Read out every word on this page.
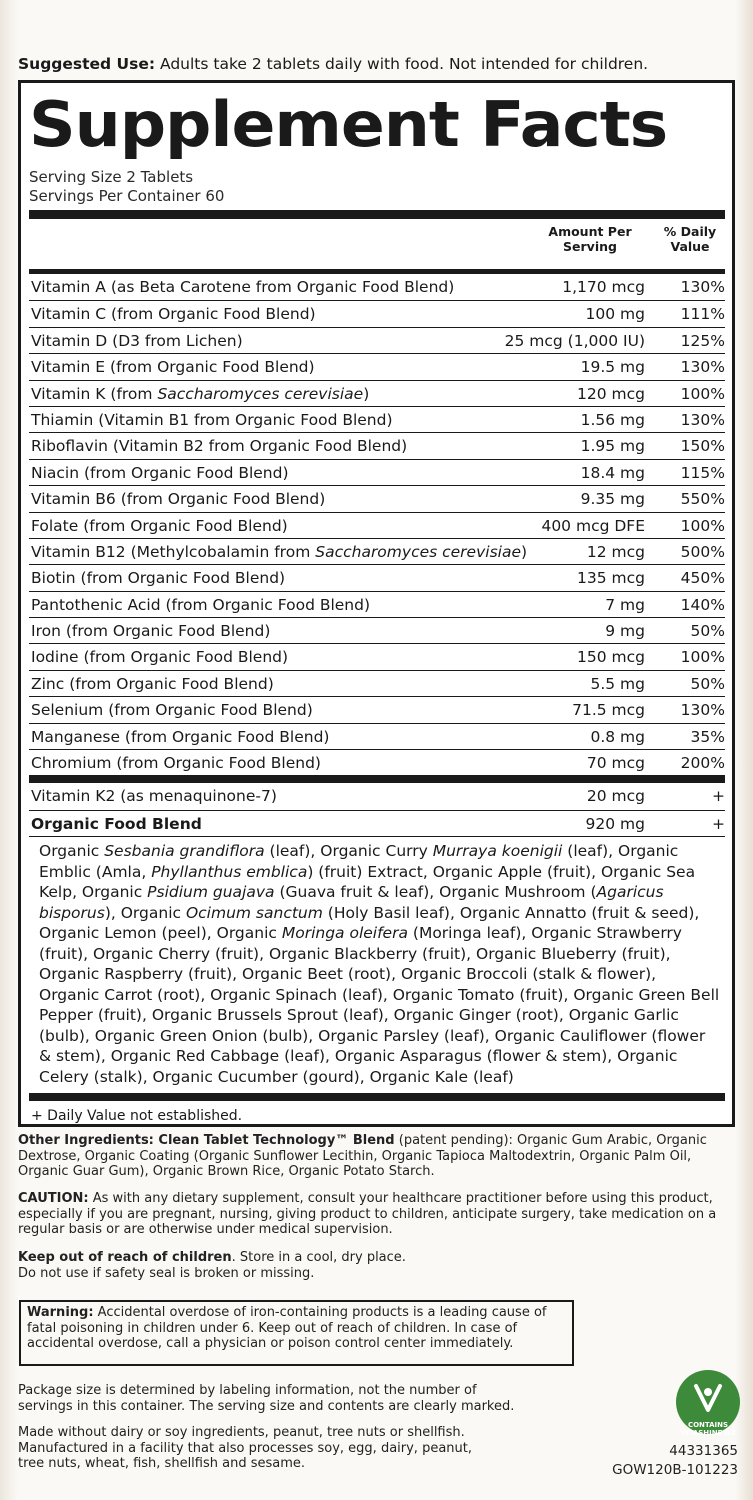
Suggested Use: Adults take 2 tablets daily with food. Not intended for children.
Supplement Facts
Serving Size 2 Tablets
Servings Per Container 60
Amount Per Serving
% Daily Value
Vitamin A (as Beta Carotene from Organic Food Blend)	1,170 mcg	130%
Vitamin C (from Organic Food Blend)	100 mg	111%
Vitamin D (D3 from Lichen)	25 mcg (1,000 IU)	125%
Vitamin E (from Organic Food Blend)	19.5 mg	130%
Vitamin K (from Saccharomyces cerevisiae)	120 mcg	100%
Thiamin (Vitamin B1 from Organic Food Blend)	1.56 mg	130%
Riboflavin (Vitamin B2 from Organic Food Blend)	1.95 mg	150%
Niacin (from Organic Food Blend)	18.4 mg	115%
Vitamin B6 (from Organic Food Blend)	9.35 mg	550%
Folate (from Organic Food Blend)	400 mcg DFE	100%
Vitamin B12 (Methylcobalamin from Saccharomyces cerevisiae)	12 mcg	500%
Biotin (from Organic Food Blend)	135 mcg	450%
Pantothenic Acid (from Organic Food Blend)	7 mg	140%
Iron (from Organic Food Blend)	9 mg	50%
Iodine (from Organic Food Blend)	150 mcg	100%
Zinc (from Organic Food Blend)	5.5 mg	50%
Selenium (from Organic Food Blend)	71.5 mcg	130%
Manganese (from Organic Food Blend)	0.8 mg	35%
Chromium (from Organic Food Blend)	70 mcg	200%
Vitamin K2 (as menaquinone-7)	20 mcg	+
Organic Food Blend	920 mg	+
Organic Sesbania grandiflora (leaf), Organic Curry Murraya koenigii (leaf), Organic Emblic (Amla, Phyllanthus emblica) (fruit) Extract, Organic Apple (fruit), Organic Sea Kelp, Organic Psidium guajava (Guava fruit & leaf), Organic Mushroom (Agaricus bisporus), Organic Ocimum sanctum (Holy Basil leaf), Organic Annatto (fruit & seed), Organic Lemon (peel), Organic Moringa oleifera (Moringa leaf), Organic Strawberry (fruit), Organic Cherry (fruit), Organic Blackberry (fruit), Organic Blueberry (fruit), Organic Raspberry (fruit), Organic Beet (root), Organic Broccoli (stalk & flower), Organic Carrot (root), Organic Spinach (leaf), Organic Tomato (fruit), Organic Green Bell Pepper (fruit), Organic Brussels Sprout (leaf), Organic Ginger (root), Organic Garlic (bulb), Organic Green Onion (bulb), Organic Parsley (leaf), Organic Cauliflower (flower & stem), Organic Red Cabbage (leaf), Organic Asparagus (flower & stem), Organic Celery (stalk), Organic Cucumber (gourd), Organic Kale (leaf)
+ Daily Value not established.
Other Ingredients: Clean Tablet Technology™ Blend (patent pending): Organic Gum Arabic, Organic Dextrose, Organic Coating (Organic Sunflower Lecithin, Organic Tapioca Maltodextrin, Organic Palm Oil, Organic Guar Gum), Organic Brown Rice, Organic Potato Starch.
CAUTION: As with any dietary supplement, consult your healthcare practitioner before using this product, especially if you are pregnant, nursing, giving product to children, anticipate surgery, take medication on a regular basis or are otherwise under medical supervision.
Keep out of reach of children. Store in a cool, dry place.
Do not use if safety seal is broken or missing.
Warning: Accidental overdose of iron-containing products is a leading cause of fatal poisoning in children under 6. Keep out of reach of children. In case of accidental overdose, call a physician or poison control center immediately.
Package size is determined by labeling information, not the number of servings in this container. The serving size and contents are clearly marked.
Made without dairy or soy ingredients, peanut, tree nuts or shellfish. Manufactured in a facility that also processes soy, egg, dairy, peanut, tree nuts, wheat, fish, shellfish and sesame.
CONTAINS
VITASHINE D3
44331365
GOW120B-101223
